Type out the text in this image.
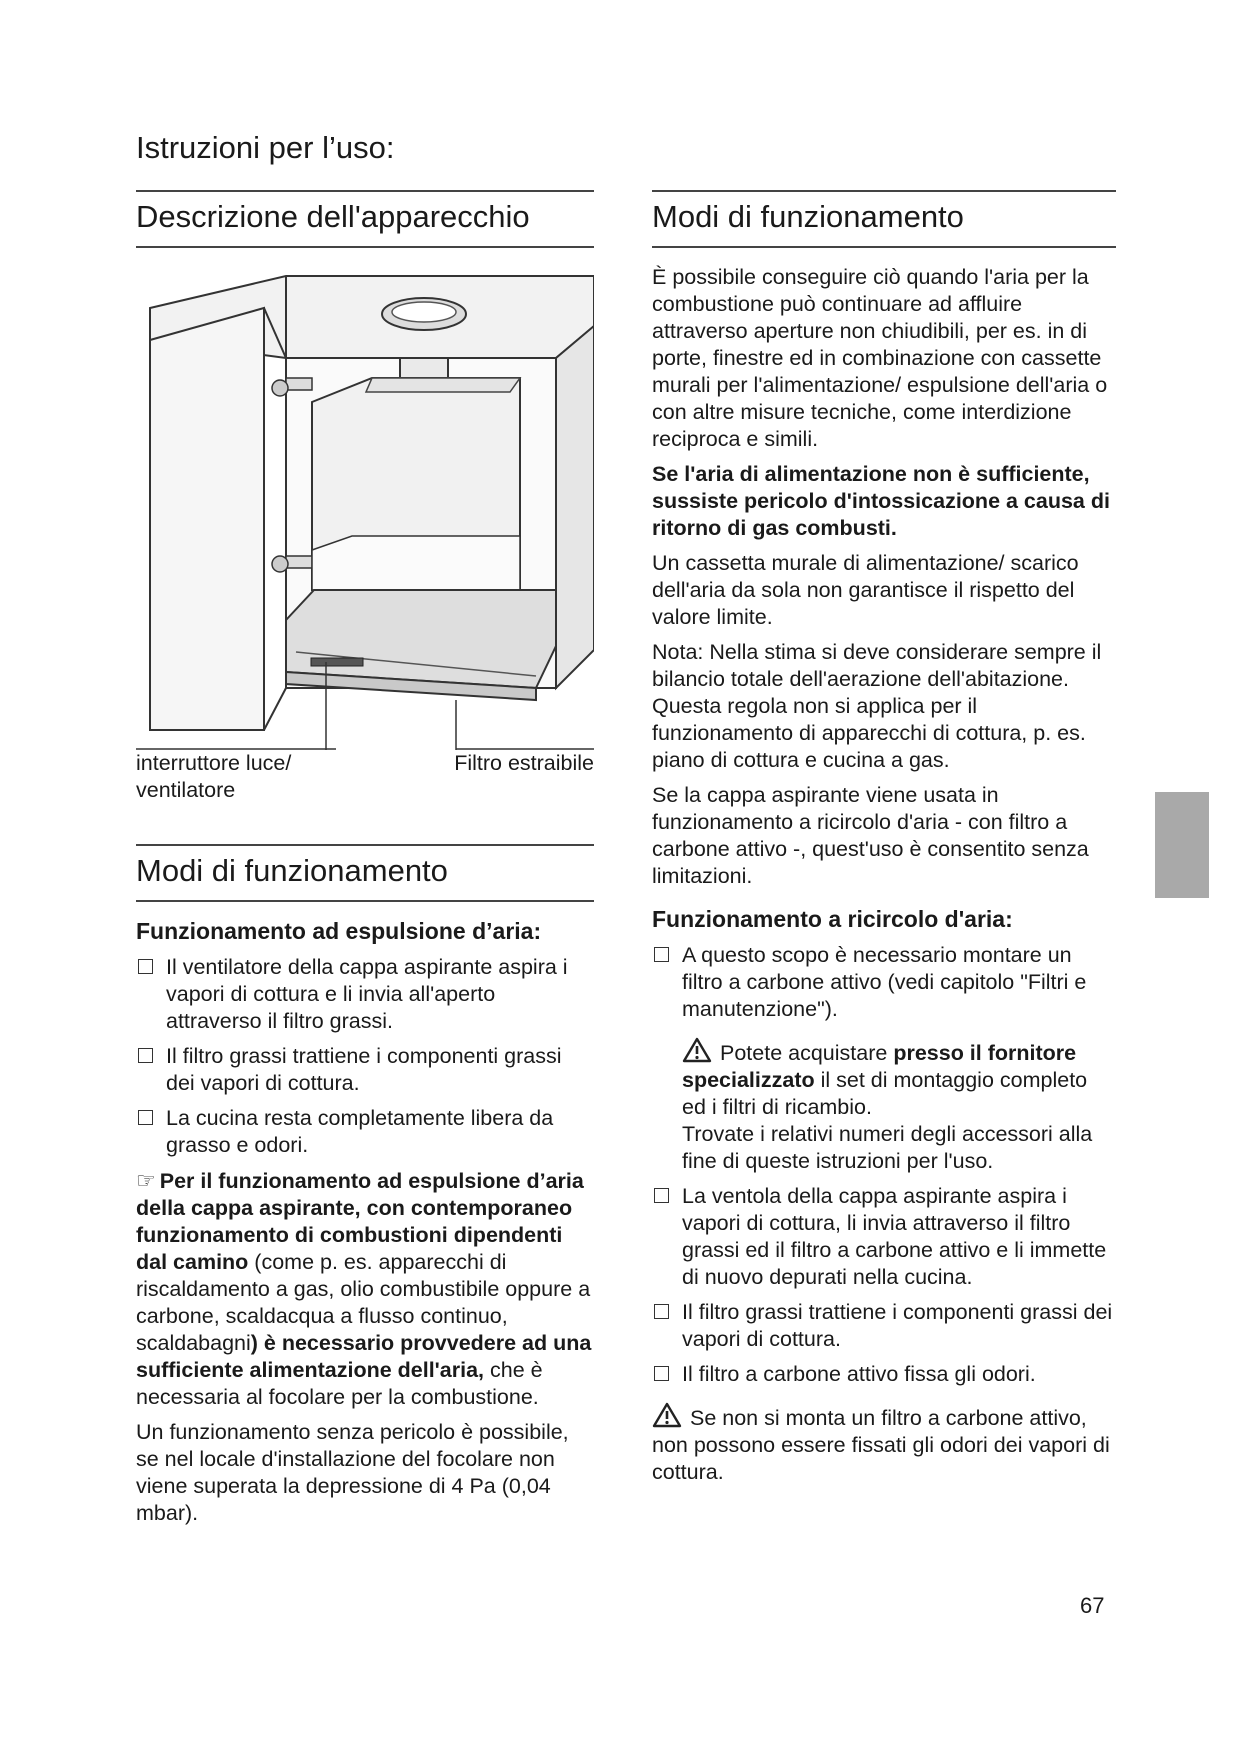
Istruzioni per l’uso:
Descrizione dell'apparecchio
interruttore luce/ ventilatore
Filtro estraibile
Modi di funzionamento
Funzionamento ad espulsione d’aria:
Il ventilatore della cappa aspirante aspira i vapori di cottura e li invia all'aperto attraverso il filtro grassi.
Il filtro grassi trattiene i componenti grassi dei vapori di cottura.
La cucina resta completamente libera da grasso e odori.

☞ Per il funzionamento ad espulsione d’aria della cappa aspirante, con contemporaneo funzionamento di combustioni dipendenti dal camino (come p. es. apparecchi di riscaldamento a gas, olio combustibile oppure a carbone, scaldacqua a flusso continuo, scaldabagni) è necessario provvedere ad una sufficiente alimentazione dell'aria, che è necessaria al focolare per la combustione.

Un funzionamento senza pericolo è possibile, se nel locale d'installazione del focolare non viene superata la depressione di 4 Pa (0,04 mbar).

Modi di funzionamento

È possibile conseguire ciò quando l'aria per la combustione può continuare ad affluire attraverso aperture non chiudibili, per es. in di porte, finestre ed in combinazione con cassette murali per l'alimentazione/ espulsione dell'aria o con altre misure tecniche, come interdizione reciproca e simili.

Se l'aria di alimentazione non è sufficiente, sussiste pericolo d'intossicazione a causa di ritorno di gas combusti.

Un cassetta murale di alimentazione/ scarico dell'aria da sola non garantisce il rispetto del valore limite.

Nota: Nella stima si deve considerare sempre il bilancio totale dell'aerazione dell'abitazione. Questa regola non si applica per il funzionamento di apparecchi di cottura, p. es. piano di cottura e cucina a gas.

Se la cappa aspirante viene usata in funzionamento a ricircolo d'aria - con filtro a carbone attivo -, quest'uso è consentito senza limitazioni.

Funzionamento a ricircolo d'aria:
A questo scopo è necessario montare un filtro a carbone attivo (vedi capitolo "Filtri e manutenzione").
Potete acquistare presso il fornitore specializzato il set di montaggio completo ed i filtri di ricambio.
Trovate i relativi numeri degli accessori alla fine di queste istruzioni per l'uso.
La ventola della cappa aspirante aspira i vapori di cottura, li invia attraverso il filtro grassi ed il filtro a carbone attivo e li immette di nuovo depurati nella cucina.
Il filtro grassi trattiene i componenti grassi dei vapori di cottura.
Il filtro a carbone attivo fissa gli odori.

Se non si monta un filtro a carbone attivo, non possono essere fissati gli odori dei vapori di cottura.

67
